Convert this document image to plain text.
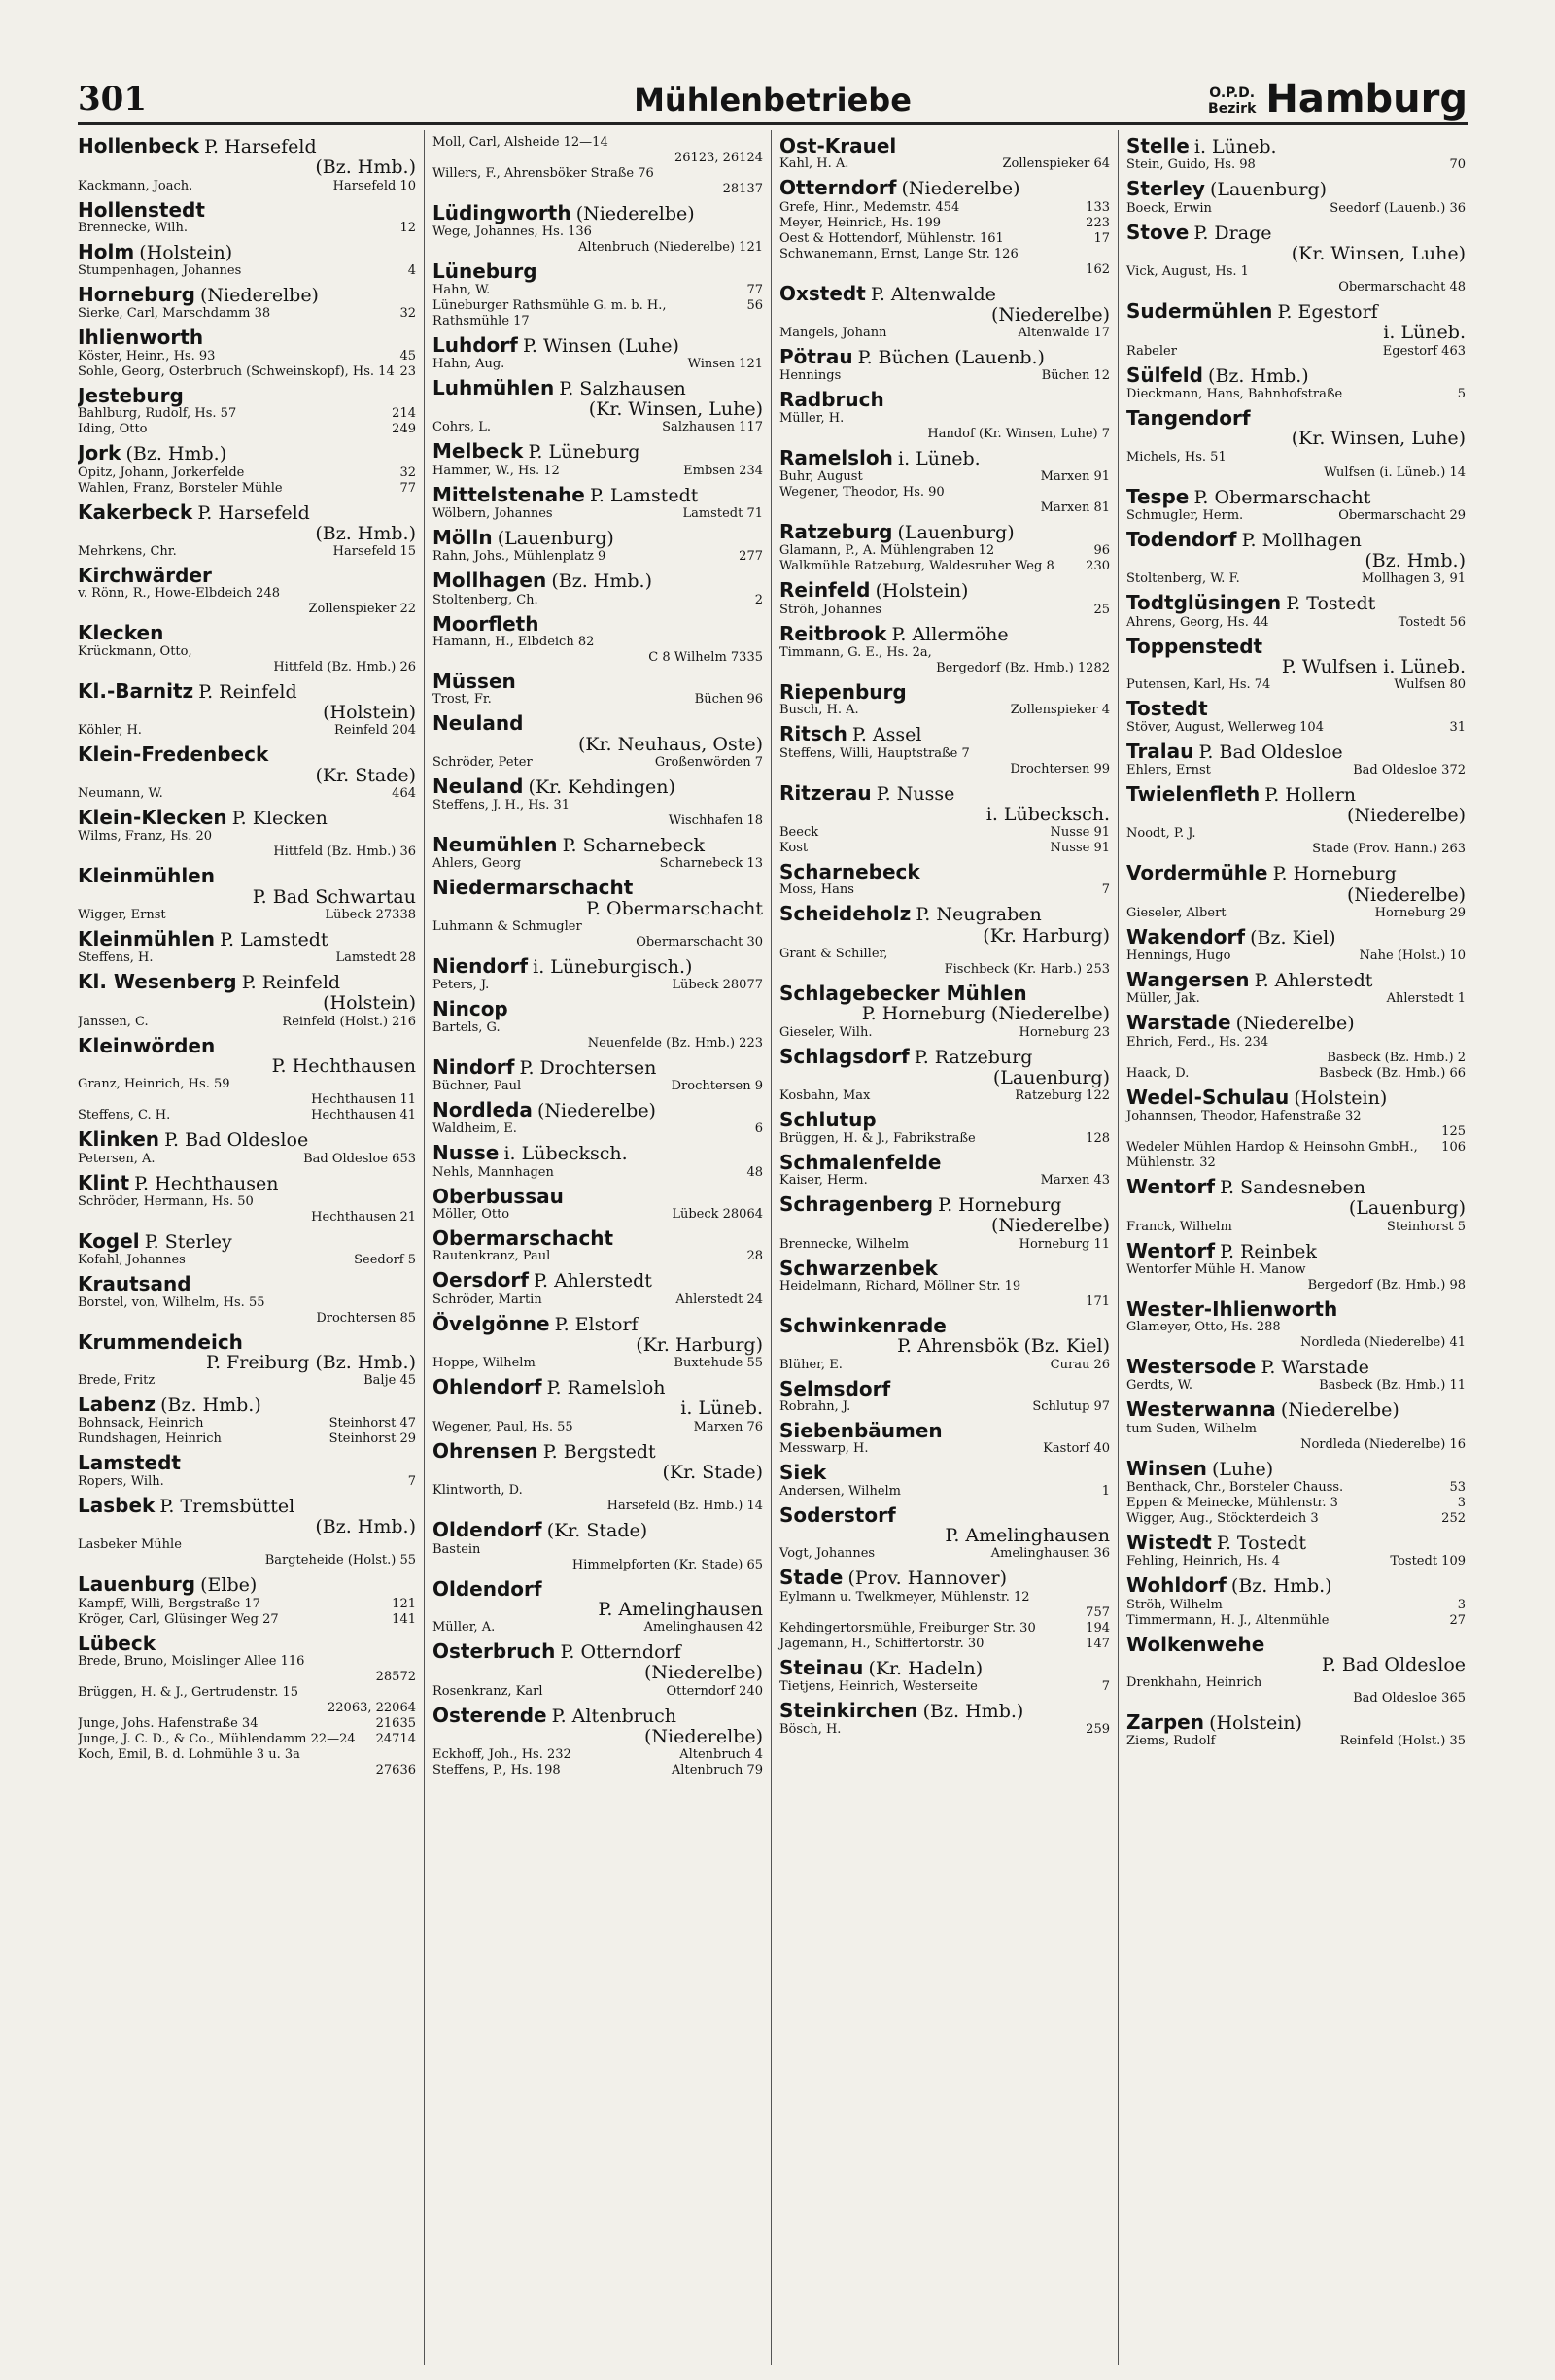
301	Mühlenbetriebe	O.P.D.
Bezirk Hamburg
Hollenbeck P. Harsefeld
(Bz. Hmb.)
Kackmann, Joach.	Harsefeld 10
Hollenstedt
Brennecke, Wilh.	12
Holm (Holstein)
Stumpenhagen, Johannes	4
Horneburg (Niederelbe)
Sierke, Carl, Marschdamm 38	32
Ihlienworth
Köster, Heinr., Hs. 93	45
Sohle, Georg, Osterbruch (Schweinskopf), Hs. 14 23
Jesteburg
Bahlburg, Rudolf, Hs. 57	214
Iding, Otto	249
Jork (Bz. Hmb.)
Opitz, Johann, Jorkerfelde	32
Wahlen, Franz, Borsteler Mühle	77
Kakerbeck P. Harsefeld
(Bz. Hmb.)
Mehrkens, Chr.	Harsefeld 15
Kirchwärder
v. Rönn, R., Howe-Elbdeich 248
Zollenspieker 22
Klecken
Krückmann, Otto,
Hittfeld (Bz. Hmb.) 26
Kl.-Barnitz P. Reinfeld
(Holstein)
Köhler, H.	Reinfeld 204
Klein-Fredenbeck
(Kr. Stade)
Neumann, W.	464
Klein-Klecken P. Klecken
Wilms, Franz, Hs. 20
Hittfeld (Bz. Hmb.) 36
Kleinmühlen
P. Bad Schwartau
Wigger, Ernst	Lübeck 27338
Kleinmühlen P. Lamstedt
Steffens, H.	Lamstedt 28
Kl. Wesenberg P. Reinfeld
(Holstein)
Janssen, C.	Reinfeld (Holst.) 216
Kleinwörden
P. Hechthausen
Granz, Heinrich, Hs. 59
Hechthausen 11
Steffens, C. H.	Hechthausen 41
Klinken P. Bad Oldesloe
Petersen, A.	Bad Oldesloe 653
Klint P. Hechthausen
Schröder, Hermann, Hs. 50
Hechthausen 21
Kogel P. Sterley
Kofahl, Johannes	Seedorf 5
Krautsand
Borstel, von, Wilhelm, Hs. 55
Drochtersen 85
Krummendeich
P. Freiburg (Bz. Hmb.)
Brede, Fritz	Balje 45
Labenz (Bz. Hmb.)
Bohnsack, Heinrich	Steinhorst 47
Rundshagen, Heinrich	Steinhorst 29
Lamstedt
Ropers, Wilh.	7
Lasbek P. Tremsbüttel
(Bz. Hmb.)
Lasbeker Mühle
Bargteheide (Holst.) 55
Lauenburg (Elbe)
Kampff, Willi, Bergstraße 17	121
Kröger, Carl, Glüsinger Weg 27	141
Lübeck
Brede, Bruno, Moislinger Allee 116
28572
Brüggen, H. & J., Gertrudenstr. 15
22063, 22064
Junge, Johs. Hafenstraße 34	21635
Junge, J. C. D., & Co., Mühlendamm 22—24	24714
Koch, Emil, B. d. Lohmühle 3 u. 3a
27636
Moll, Carl, Alsheide 12—14
26123, 26124
Willers, F., Ahrensböker Straße 76
28137
Lüdingworth (Niederelbe)
Wege, Johannes, Hs. 136
Altenbruch (Niederelbe) 121
Lüneburg
Hahn, W.	77
Lüneburger Rathsmühle G. m. b. H., Rathsmühle 17
56
Luhdorf P. Winsen (Luhe)
Hahn, Aug.	Winsen 121
Luhmühlen P. Salzhausen
(Kr. Winsen, Luhe)
Cohrs, L.	Salzhausen 117
Melbeck P. Lüneburg
Hammer, W., Hs. 12	Embsen 234
Mittelstenahe P. Lamstedt
Wölbern, Johannes	Lamstedt 71
Mölln (Lauenburg)
Rahn, Johs., Mühlenplatz 9	277
Mollhagen (Bz. Hmb.)
Stoltenberg, Ch.	2
Moorfleth
Hamann, H., Elbdeich 82
C 8 Wilhelm 7335
Müssen
Trost, Fr.	Büchen 96
Neuland
(Kr. Neuhaus, Oste)
Schröder, Peter	Großenwörden 7
Neuland (Kr. Kehdingen)
Steffens, J. H., Hs. 31
Wischhafen 18
Neumühlen P. Scharnebeck
Ahlers, Georg	Scharnebeck 13
Niedermarschacht
P. Obermarschacht
Luhmann & Schmugler
Obermarschacht 30
Niendorf i. Lüneburgisch.)
Peters, J.	Lübeck 28077
Nincop
Bartels, G.
Neuenfelde (Bz. Hmb.) 223
Nindorf P. Drochtersen
Büchner, Paul	Drochtersen 9
Nordleda (Niederelbe)
Waldheim, E.	6
Nusse i. Lübecksch.
Nehls, Mannhagen	48
Oberbussau
Möller, Otto	Lübeck 28064
Obermarschacht
Rautenkranz, Paul	28
Oersdorf P. Ahlerstedt
Schröder, Martin	Ahlerstedt 24
Övelgönne P. Elstorf
(Kr. Harburg)
Hoppe, Wilhelm	Buxtehude 55
Ohlendorf P. Ramelsloh
i. Lüneb.
Wegener, Paul, Hs. 55	Marxen 76
Ohrensen P. Bergstedt
(Kr. Stade)
Klintworth, D.
Harsefeld (Bz. Hmb.) 14
Oldendorf (Kr. Stade)
Bastein
Himmelpforten (Kr. Stade) 65
Oldendorf
P. Amelinghausen
Müller, A.	Amelinghausen 42
Osterbruch P. Otterndorf
(Niederelbe)
Rosenkranz, Karl	Otterndorf 240
Osterende P. Altenbruch
(Niederelbe)
Eckhoff, Joh., Hs. 232	Altenbruch 4
Steffens, P., Hs. 198	Altenbruch 79
Ost-Krauel
Kahl, H. A.	Zollenspieker 64
Otterndorf (Niederelbe)
Grefe, Hinr., Medemstr. 454	133
Meyer, Heinrich, Hs. 199	223
Oest & Hottendorf, Mühlenstr. 161	17
Schwanemann, Ernst, Lange Str. 126
162
Oxstedt P. Altenwalde
(Niederelbe)
Mangels, Johann	Altenwalde 17
Pötrau P. Büchen (Lauenb.)
Hennings	Büchen 12
Radbruch
Müller, H.
Handof (Kr. Winsen, Luhe) 7
Ramelsloh i. Lüneb.
Buhr, August	Marxen 91
Wegener, Theodor, Hs. 90
Marxen 81
Ratzeburg (Lauenburg)
Glamann, P., A. Mühlengraben 12	96
Walkmühle Ratzeburg, Waldesruher Weg 8	230
Reinfeld (Holstein)
Ströh, Johannes	25
Reitbrook P. Allermöhe
Timmann, G. E., Hs. 2a,
Bergedorf (Bz. Hmb.) 1282
Riepenburg
Busch, H. A.	Zollenspieker 4
Ritsch P. Assel
Steffens, Willi, Hauptstraße 7
Drochtersen 99
Ritzerau P. Nusse
i. Lübecksch.
Beeck	Nusse 91
Kost	Nusse 91
Scharnebeck
Moss, Hans	7
Scheideholz P. Neugraben
(Kr. Harburg)
Grant & Schiller,
Fischbeck (Kr. Harb.) 253
Schlagebecker Mühlen
P. Horneburg (Niederelbe)
Gieseler, Wilh.	Horneburg 23
Schlagsdorf P. Ratzeburg
(Lauenburg)
Kosbahn, Max	Ratzeburg 122
Schlutup
Brüggen, H. & J., Fabrikstraße	128
Schmalenfelde
Kaiser, Herm.	Marxen 43
Schragenberg P. Horneburg
(Niederelbe)
Brennecke, Wilhelm	Horneburg 11
Schwarzenbek
Heidelmann, Richard, Möllner Str. 19
171
Schwinkenrade
P. Ahrensbök (Bz. Kiel)
Blüher, E.	Curau 26
Selmsdorf
Robrahn, J.	Schlutup 97
Siebenbäumen
Messwarp, H.	Kastorf 40
Siek
Andersen, Wilhelm	1
Soderstorf
P. Amelinghausen
Vogt, Johannes	Amelinghausen 36
Stade (Prov. Hannover)
Eylmann u. Twelkmeyer, Mühlenstr. 12
757
Kehdingertorsmühle, Freiburger Str. 30	194
Jagemann, H., Schiffertorstr. 30	147
Steinau (Kr. Hadeln)
Tietjens, Heinrich, Westerseite	7
Steinkirchen (Bz. Hmb.)
Bösch, H.	259
Stelle i. Lüneb.
Stein, Guido, Hs. 98	70
Sterley (Lauenburg)
Boeck, Erwin	Seedorf (Lauenb.) 36
Stove P. Drage
(Kr. Winsen, Luhe)
Vick, August, Hs. 1
Obermarschacht 48
Sudermühlen P. Egestorf
i. Lüneb.
Rabeler	Egestorf 463
Sülfeld (Bz. Hmb.)
Dieckmann, Hans, Bahnhofstraße	5
Tangendorf
(Kr. Winsen, Luhe)
Michels, Hs. 51
Wulfsen (i. Lüneb.) 14
Tespe P. Obermarschacht
Schmugler, Herm.	Obermarschacht 29
Todendorf P. Mollhagen
(Bz. Hmb.)
Stoltenberg, W. F.	Mollhagen 3, 91
Todtglüsingen P. Tostedt
Ahrens, Georg, Hs. 44	Tostedt 56
Toppenstedt
P. Wulfsen i. Lüneb.
Putensen, Karl, Hs. 74	Wulfsen 80
Tostedt
Stöver, August, Wellerweg 104	31
Tralau P. Bad Oldesloe
Ehlers, Ernst	Bad Oldesloe 372
Twielenfleth P. Hollern
(Niederelbe)
Noodt, P. J.
Stade (Prov. Hann.) 263
Vordermühle P. Horneburg
(Niederelbe)
Gieseler, Albert	Horneburg 29
Wakendorf (Bz. Kiel)
Hennings, Hugo	Nahe (Holst.) 10
Wangersen P. Ahlerstedt
Müller, Jak.	Ahlerstedt 1
Warstade (Niederelbe)
Ehrich, Ferd., Hs. 234
Basbeck (Bz. Hmb.) 2
Haack, D.	Basbeck (Bz. Hmb.) 66
Wedel-Schulau (Holstein)
Johannsen, Theodor, Hafenstraße 32
125
Wedeler Mühlen Hardop & Heinsohn GmbH., Mühlenstr. 32
106
Wentorf P. Sandesneben
(Lauenburg)
Franck, Wilhelm	Steinhorst 5
Wentorf P. Reinbek
Wentorfer Mühle H. Manow
Bergedorf (Bz. Hmb.) 98
Wester-Ihlienworth
Glameyer, Otto, Hs. 288
Nordleda (Niederelbe) 41
Westersode P. Warstade
Gerdts, W.	Basbeck (Bz. Hmb.) 11
Westerwanna (Niederelbe)
tum Suden, Wilhelm
Nordleda (Niederelbe) 16
Winsen (Luhe)
Benthack, Chr., Borsteler Chauss.	53
Eppen & Meinecke, Mühlenstr. 3	3
Wigger, Aug., Stöckterdeich 3	252
Wistedt P. Tostedt
Fehling, Heinrich, Hs. 4	Tostedt 109
Wohldorf (Bz. Hmb.)
Ströh, Wilhelm	3
Timmermann, H. J., Altenmühle	27
Wolkenwehe
P. Bad Oldesloe
Drenkhahn, Heinrich
Bad Oldesloe 365
Zarpen (Holstein)
Ziems, Rudolf	Reinfeld (Holst.) 35
